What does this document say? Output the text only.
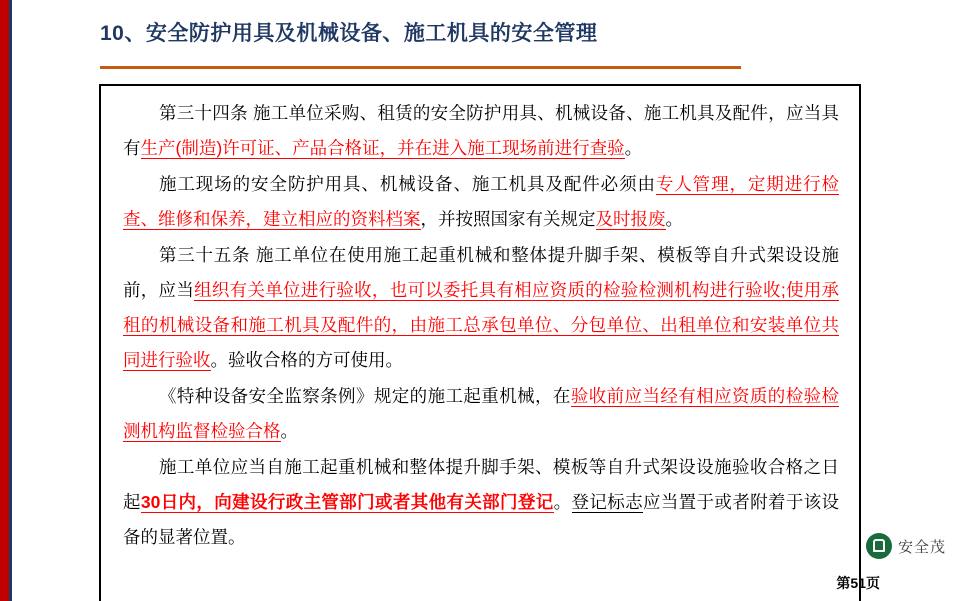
10、安全防护用具及机械设备、施工机具的安全管理

第三十四条 施工单位采购、租赁的安全防护用具、机械设备、施工机具及配件，应当具有生产(制造)许可证、产品合格证，并在进入施工现场前进行查验。

施工现场的安全防护用具、机械设备、施工机具及配件必须由专人管理，定期进行检查、维修和保养，建立相应的资料档案，并按照国家有关规定及时报废。

第三十五条 施工单位在使用施工起重机械和整体提升脚手架、模板等自升式架设设施前，应当组织有关单位进行验收，也可以委托具有相应资质的检验检测机构进行验收;使用承租的机械设备和施工机具及配件的，由施工总承包单位、分包单位、出租单位和安装单位共同进行验收。验收合格的方可使用。

《特种设备安全监察条例》规定的施工起重机械，在验收前应当经有相应资质的检验检测机构监督检验合格。

施工单位应当自施工起重机械和整体提升脚手架、模板等自升式架设设施验收合格之日起30日内，向建设行政主管部门或者其他有关部门登记。登记标志应当置于或者附着于该设备的显著位置。	安全茂
第51页
